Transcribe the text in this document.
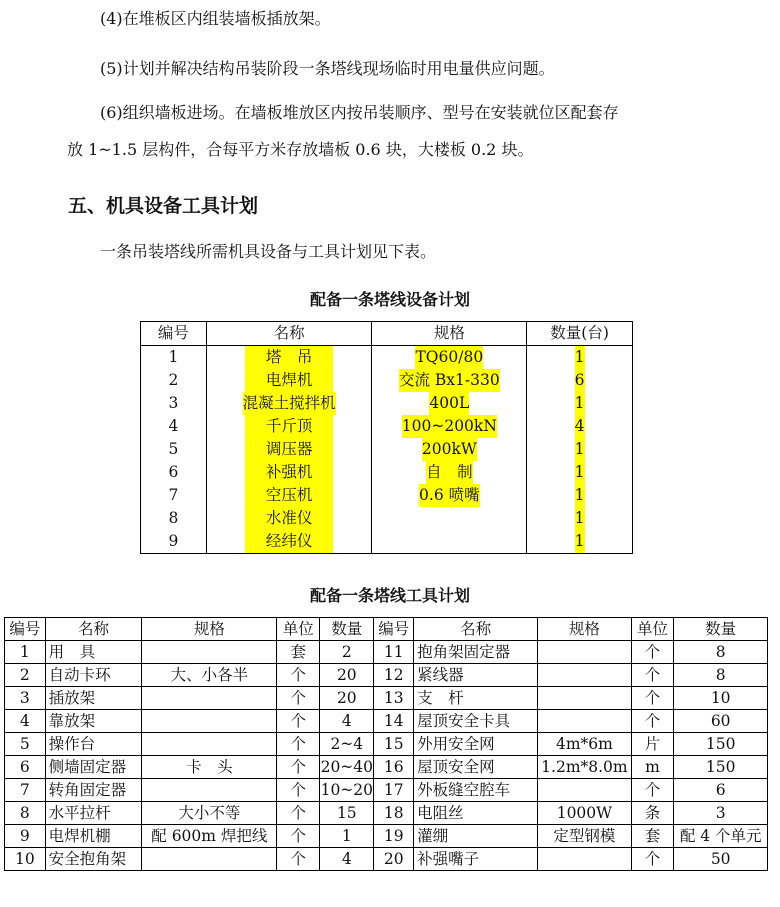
(4)在堆板区内组装墙板插放架。
(5)计划并解决结构吊装阶段一条塔线现场临时用电量供应问题。
(6)组织墙板进场。在墙板堆放区内按吊装顺序、型号在安装就位区配套存
放 1~1.5 层构件，合每平方米存放墙板 0.6 块，大楼板 0.2 块。
五、机具设备工具计划
一条吊装塔线所需机具设备与工具计划见下表。
配备一条塔线设备计划
编号	名称	规格	数量(台)
1	塔　吊	TQ60/80	1
2	电焊机	交流 Bx1-330	6
3	混凝土搅拌机	400L	1
4	千斤顶	100~200kN	4
5	调压器	200kW	1
6	补强机	自　制	1
7	空压机	0.6 喷嘴	1
8	水准仪		1
9	经纬仪		1
配备一条塔线工具计划
编号	名称	规格	单位	数量	编号	名称	规格	单位	数量
1	用　具		套	2	11	抱角架固定器		个	8
2	自动卡环	大、小各半	个	20	12	紧线器		个	8
3	插放架		个	20	13	支　杆		个	10
4	靠放架		个	4	14	屋顶安全卡具		个	60
5	操作台		个	2~4	15	外用安全网	4m*6m	片	150
6	侧墙固定器	卡　头	个	20~40	16	屋顶安全网	1.2m*8.0m	m	150
7	转角固定器		个	10~20	17	外板缝空腔车		个	6
8	水平拉杆	大小不等	个	15	18	电阻丝	1000W	条	3
9	电焊机棚	配 600m 焊把线	个	1	19	灌绷	定型钢模	套	配 4 个单元
10	安全抱角架		个	4	20	补强嘴子		个	50
